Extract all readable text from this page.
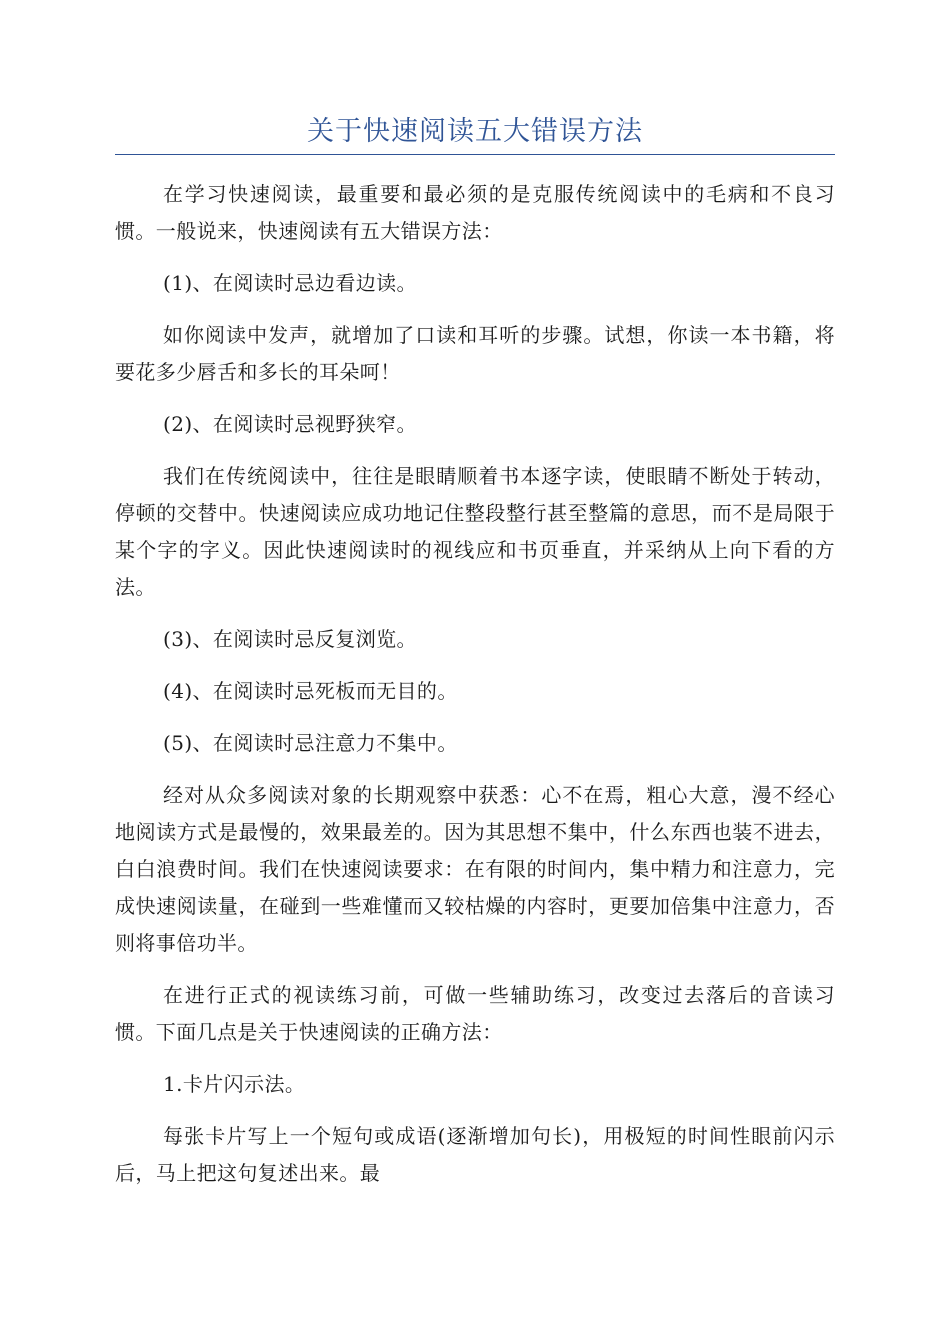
关于快速阅读五大错误方法

在学习快速阅读，最重要和最必须的是克服传统阅读中的毛病和不良习惯。一般说来，快速阅读有五大错误方法：

(1)、在阅读时忌边看边读。

如你阅读中发声，就增加了口读和耳听的步骤。试想，你读一本书籍，将要花多少唇舌和多长的耳朵呵！

(2)、在阅读时忌视野狭窄。

我们在传统阅读中，往往是眼睛顺着书本逐字读，使眼睛不断处于转动，停顿的交替中。快速阅读应成功地记住整段整行甚至整篇的意思，而不是局限于某个字的字义。因此快速阅读时的视线应和书页垂直，并采纳从上向下看的方法。

(3)、在阅读时忌反复浏览。

(4)、在阅读时忌死板而无目的。

(5)、在阅读时忌注意力不集中。

经对从众多阅读对象的长期观察中获悉：心不在焉，粗心大意，漫不经心地阅读方式是最慢的，效果最差的。因为其思想不集中，什么东西也装不进去，白白浪费时间。我们在快速阅读要求：在有限的时间内，集中精力和注意力，完成快速阅读量，在碰到一些难懂而又较枯燥的内容时，更要加倍集中注意力，否则将事倍功半。

在进行正式的视读练习前，可做一些辅助练习，改变过去落后的音读习惯。下面几点是关于快速阅读的正确方法：

1.卡片闪示法。

每张卡片写上一个短句或成语(逐渐增加句长)，用极短的时间性眼前闪示后，马上把这句复述出来。最
